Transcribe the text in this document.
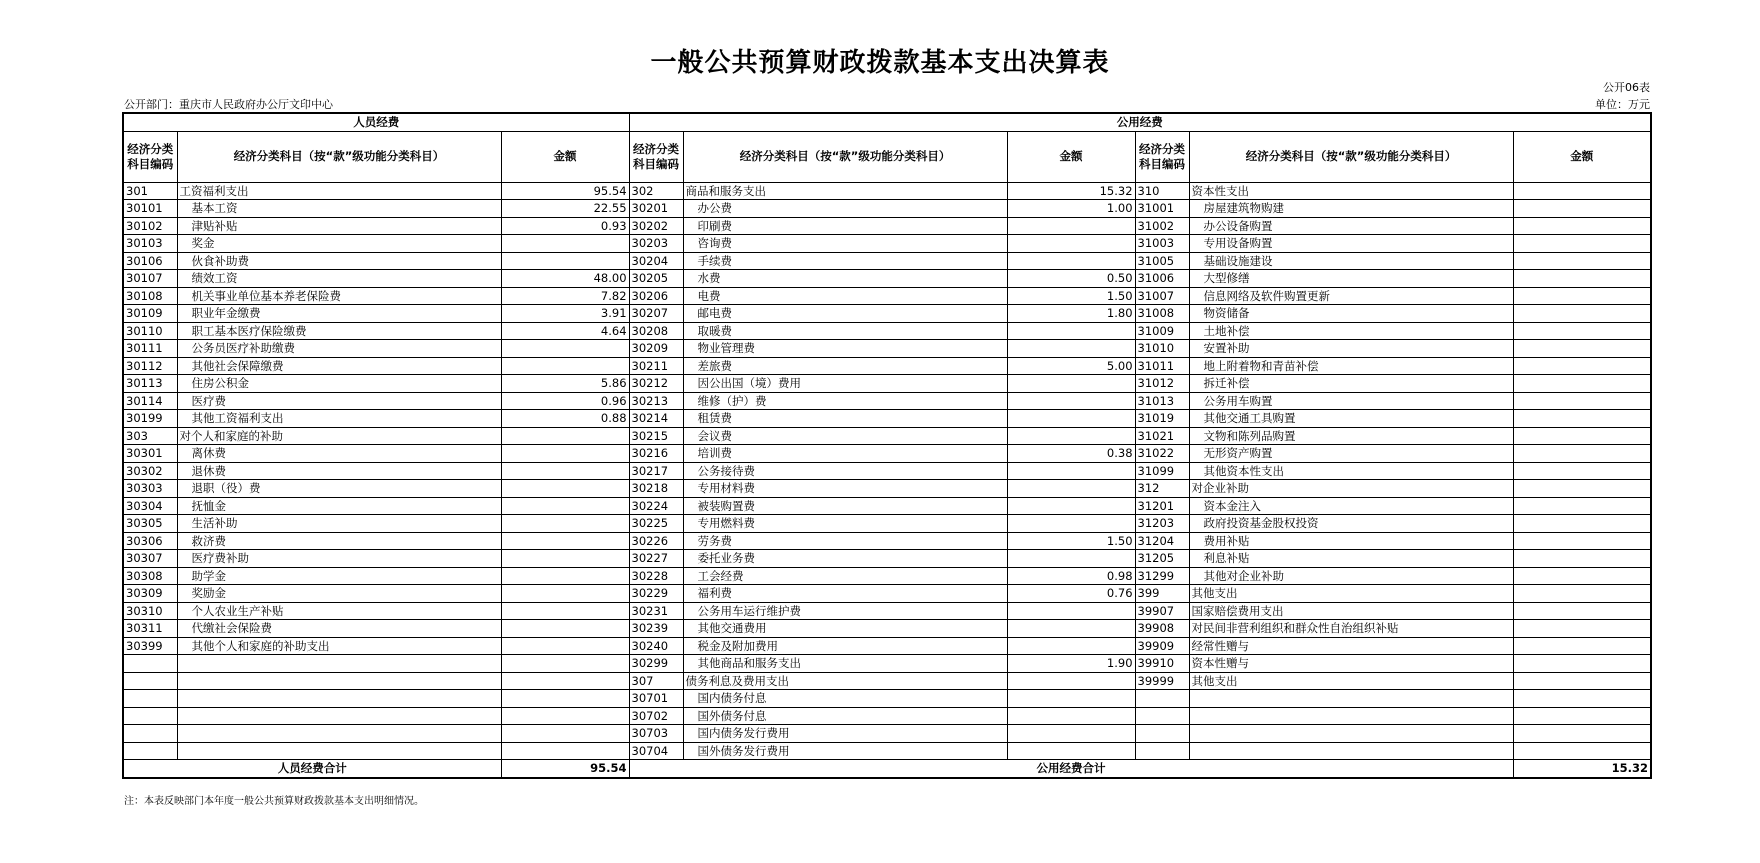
一般公共预算财政拨款基本支出决算表
公开部门：重庆市人民政府办公厅文印中心
公开06表
单位：万元
人员经费			公用经费					
经济分类科目编码	经济分类科目（按“款”级功能分类科目）	金额	经济分类科目编码	经济分类科目（按“款”级功能分类科目）	金额	经济分类科目编码	经济分类科目（按“款”级功能分类科目）	金额
301	工资福利支出	95.54	302	商品和服务支出	15.32	310	资本性支出	
30101	基本工资	22.55	30201	办公费	1.00	31001	房屋建筑物购建	
30102	津贴补贴	0.93	30202	印刷费		31002	办公设备购置	
30103	奖金		30203	咨询费		31003	专用设备购置	
30106	伙食补助费		30204	手续费		31005	基础设施建设	
30107	绩效工资	48.00	30205	水费	0.50	31006	大型修缮	
30108	机关事业单位基本养老保险费	7.82	30206	电费	1.50	31007	信息网络及软件购置更新	
30109	职业年金缴费	3.91	30207	邮电费	1.80	31008	物资储备	
30110	职工基本医疗保险缴费	4.64	30208	取暖费		31009	土地补偿	
30111	公务员医疗补助缴费		30209	物业管理费		31010	安置补助	
30112	其他社会保障缴费		30211	差旅费	5.00	31011	地上附着物和青苗补偿	
30113	住房公积金	5.86	30212	因公出国（境）费用		31012	拆迁补偿	
30114	医疗费	0.96	30213	维修（护）费		31013	公务用车购置	
30199	其他工资福利支出	0.88	30214	租赁费		31019	其他交通工具购置	
303	对个人和家庭的补助		30215	会议费		31021	文物和陈列品购置	
30301	离休费		30216	培训费	0.38	31022	无形资产购置	
30302	退休费		30217	公务接待费		31099	其他资本性支出	
30303	退职（役）费		30218	专用材料费		312	对企业补助	
30304	抚恤金		30224	被装购置费		31201	资本金注入	
30305	生活补助		30225	专用燃料费		31203	政府投资基金股权投资	
30306	救济费		30226	劳务费	1.50	31204	费用补贴	
30307	医疗费补助		30227	委托业务费		31205	利息补贴	
30308	助学金		30228	工会经费	0.98	31299	其他对企业补助	
30309	奖励金		30229	福利费	0.76	399	其他支出	
30310	个人农业生产补贴		30231	公务用车运行维护费		39907	国家赔偿费用支出	
30311	代缴社会保险费		30239	其他交通费用		39908	对民间非营利组织和群众性自治组织补贴	
30399	其他个人和家庭的补助支出		30240	税金及附加费用		39909	经常性赠与	
			30299	其他商品和服务支出	1.90	39910	资本性赠与	
			307	债务利息及费用支出		39999	其他支出	
			30701	国内债务付息				
			30702	国外债务付息				
			30703	国内债务发行费用				
			30704	国外债务发行费用				
人员经费合计		95.54	公用经费合计					15.32
注：本表反映部门本年度一般公共预算财政拨款基本支出明细情况。
